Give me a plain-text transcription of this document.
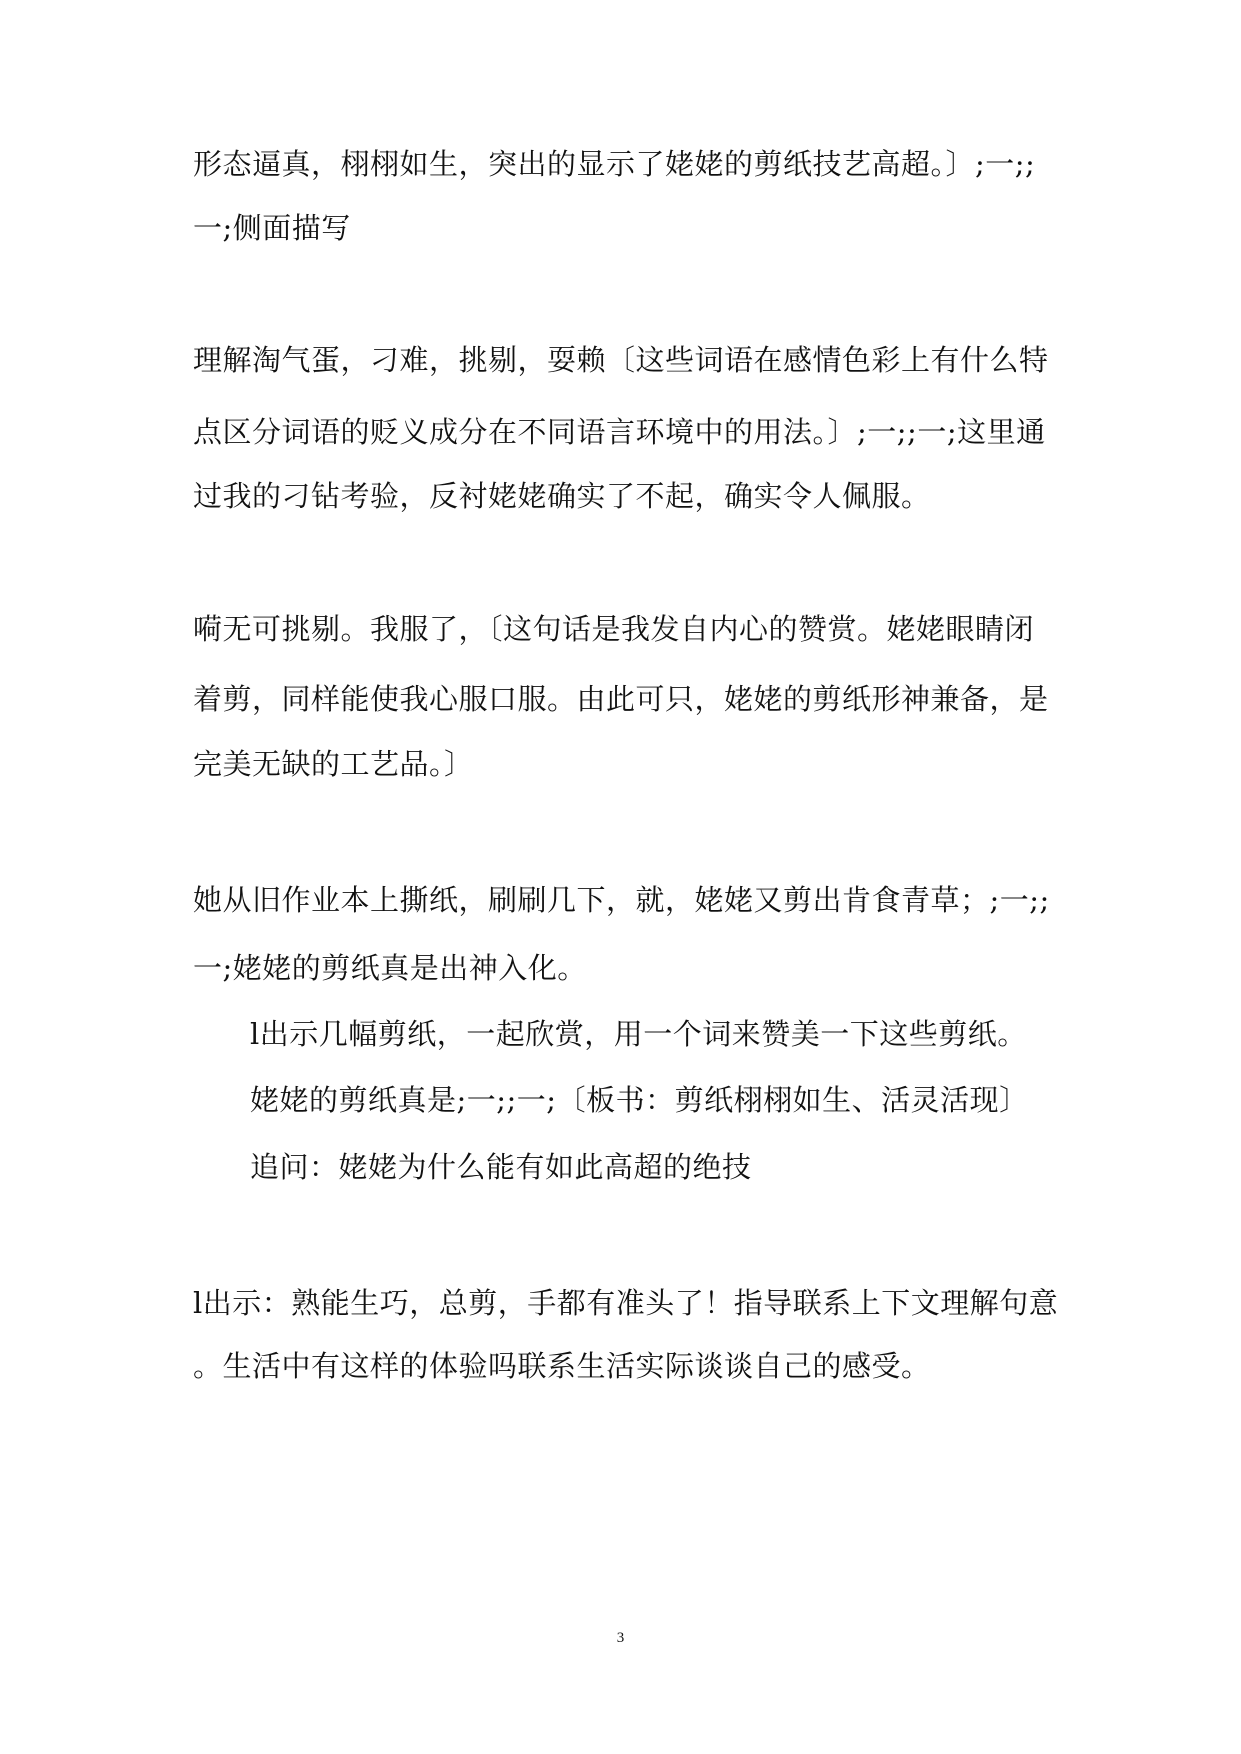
形态逼真，栩栩如生，突出的显示了姥姥的剪纸技艺高超。〕;一;;
一;侧面描写
理解淘气蛋，刁难，挑剔，耍赖〔这些词语在感情色彩上有什么特
点区分词语的贬义成分在不同语言环境中的用法。〕;一;;一;这里通
过我的刁钻考验，反衬姥姥确实了不起，确实令人佩服。
嗬无可挑剔。我服了，〔这句话是我发自内心的赞赏。姥姥眼睛闭
着剪，同样能使我心服口服。由此可只，姥姥的剪纸形神兼备，是
完美无缺的工艺品。〕
她从旧作业本上撕纸，刷刷几下，就，姥姥又剪出肯食青草；;一;;
一;姥姥的剪纸真是出神入化。
l出示几幅剪纸，一起欣赏，用一个词来赞美一下这些剪纸。
姥姥的剪纸真是;一;;一;〔板书：剪纸栩栩如生、活灵活现〕
追问：姥姥为什么能有如此高超的绝技
l出示：熟能生巧，总剪，手都有准头了！指导联系上下文理解句意
。生活中有这样的体验吗联系生活实际谈谈自己的感受。
3
